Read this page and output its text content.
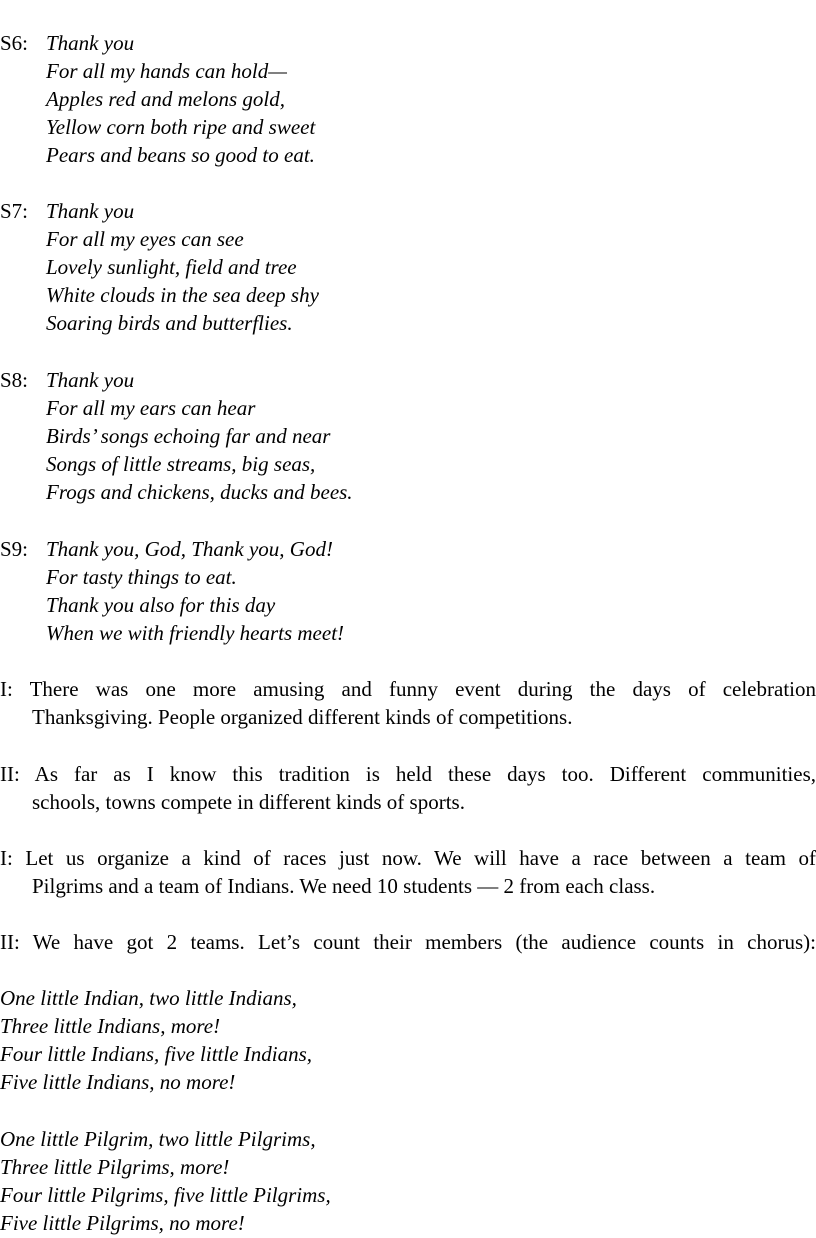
S6: Thank you
For all my hands can hold—
Apples red and melons gold,
Yellow corn both ripe and sweet
Pears and beans so good to eat.
S7: Thank you
For all my eyes can see
Lovely sunlight, field and tree
White clouds in the sea deep shy
Soaring birds and butterflies.
S8: Thank you
For all my ears can hear
Birds’ songs echoing far and near
Songs of little streams, big seas,
Frogs and chickens, ducks and bees.
S9: Thank you, God, Thank you, God!
For tasty things to eat.
Thank you also for this day
When we with friendly hearts meet!
I: There was one more amusing and funny event during the days of celebration
Thanksgiving. People organized different kinds of competitions.
II: As far as I know this tradition is held these days too. Different communities,
schools, towns compete in different kinds of sports.
I: Let us organize a kind of races just now. We will have a race between a team of
Pilgrims and a team of Indians. We need 10 students — 2 from each class.
II: We have got 2 teams. Let’s count their members (the audience counts in chorus):
One little Indian, two little Indians,
Three little Indians, more!
Four little Indians, five little Indians,
Five little Indians, no more!
One little Pilgrim, two little Pilgrims,
Three little Pilgrims, more!
Four little Pilgrims, five little Pilgrims,
Five little Pilgrims, no more!
